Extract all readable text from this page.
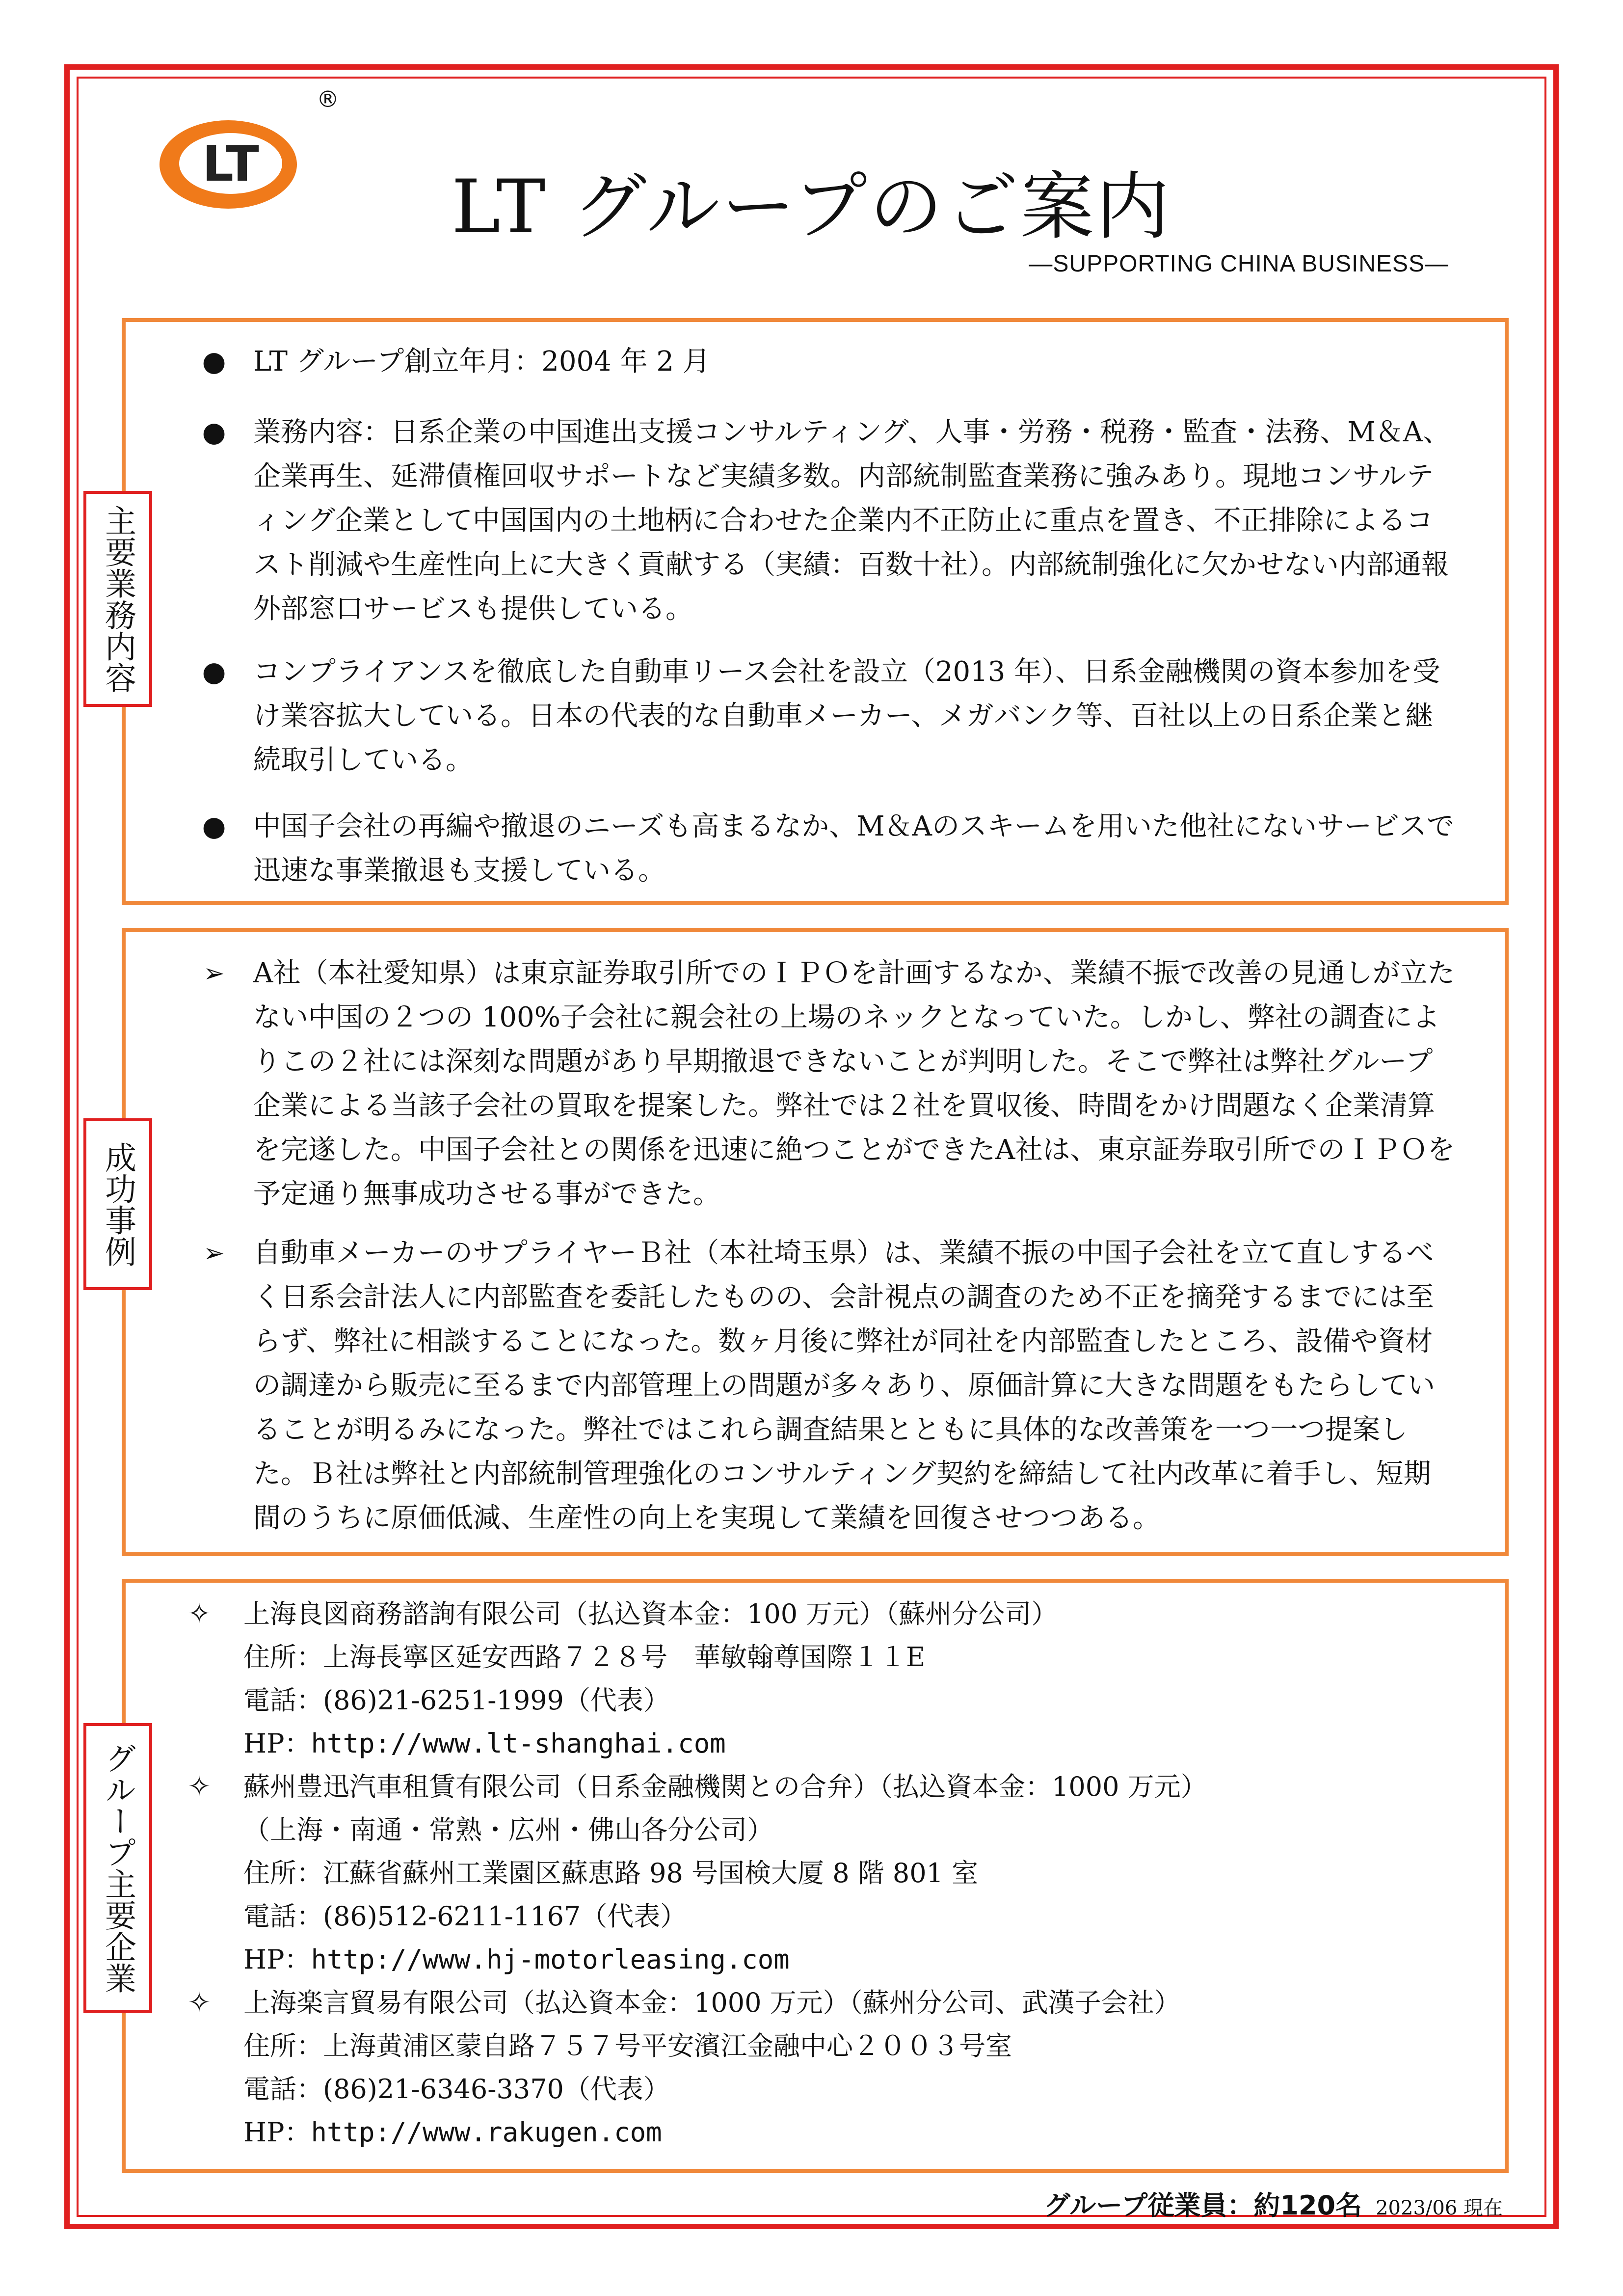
LT
®
LT グループのご案内
—SUPPORTING CHINA BUSINESS—
● LT グループ創立年月：2004 年 2 月
● 業務内容：日系企業の中国進出支援コンサルティング、人事・労務・税務・監査・法務、M＆A、企業再生、延滞債権回収サポートなど実績多数。内部統制監査業務に強みあり。現地コンサルティング企業として中国国内の土地柄に合わせた企業内不正防止に重点を置き、不正排除によるコスト削減や生産性向上に大きく貢献する（実績：百数十社）。内部統制強化に欠かせない内部通報外部窓口サービスも提供している。
● コンプライアンスを徹底した自動車リース会社を設立（2013 年）、日系金融機関の資本参加を受け業容拡大している。日本の代表的な自動車メーカー、メガバンク等、百社以上の日系企業と継続取引している。
● 中国子会社の再編や撤退のニーズも高まるなか、M＆Aのスキームを用いた他社にないサービスで迅速な事業撤退も支援している。
主要業務内容
➢ A社（本社愛知県）は東京証券取引所でのＩＰＯを計画するなか、業績不振で改善の見通しが立たない中国の２つの 100%子会社に親会社の上場のネックとなっていた。しかし、弊社の調査によりこの２社には深刻な問題があり早期撤退できないことが判明した。そこで弊社は弊社グループ企業による当該子会社の買取を提案した。弊社では２社を買収後、時間をかけ問題なく企業清算を完遂した。中国子会社との関係を迅速に絶つことができたA社は、東京証券取引所でのＩＰＯを予定通り無事成功させる事ができた。
➢ 自動車メーカーのサプライヤーＢ社（本社埼玉県）は、業績不振の中国子会社を立て直しするべく日系会計法人に内部監査を委託したものの、会計視点の調査のため不正を摘発するまでには至らず、弊社に相談することになった。数ヶ月後に弊社が同社を内部監査したところ、設備や資材の調達から販売に至るまで内部管理上の問題が多々あり、原価計算に大きな問題をもたらしていることが明るみになった。弊社ではこれら調査結果とともに具体的な改善策を一つ一つ提案した。Ｂ社は弊社と内部統制管理強化のコンサルティング契約を締結して社内改革に着手し、短期間のうちに原価低減、生産性の向上を実現して業績を回復させつつある。
成功事例
✧ 上海良図商務諮詢有限公司（払込資本金：100 万元）（蘇州分公司）
住所：上海長寧区延安西路７２８号　華敏翰尊国際１１E
電話：(86)21-6251-1999（代表）
HP：http://www.lt-shanghai.com
✧ 蘇州豊迅汽車租賃有限公司（日系金融機関との合弁）（払込資本金：1000 万元）
（上海・南通・常熟・広州・佛山各分公司）
住所：江蘇省蘇州工業園区蘇恵路 98 号国検大厦 8 階 801 室
電話：(86)512-6211-1167（代表）
HP：http://www.hj-motorleasing.com
✧ 上海楽言貿易有限公司（払込資本金：1000 万元）（蘇州分公司、武漢子会社）
住所：上海黄浦区蒙自路７５７号平安濱江金融中心２００３号室
電話：(86)21-6346-3370（代表）
HP：http://www.rakugen.com
グループ主要企業
グループ従業員：約120名 2023/06 現在
